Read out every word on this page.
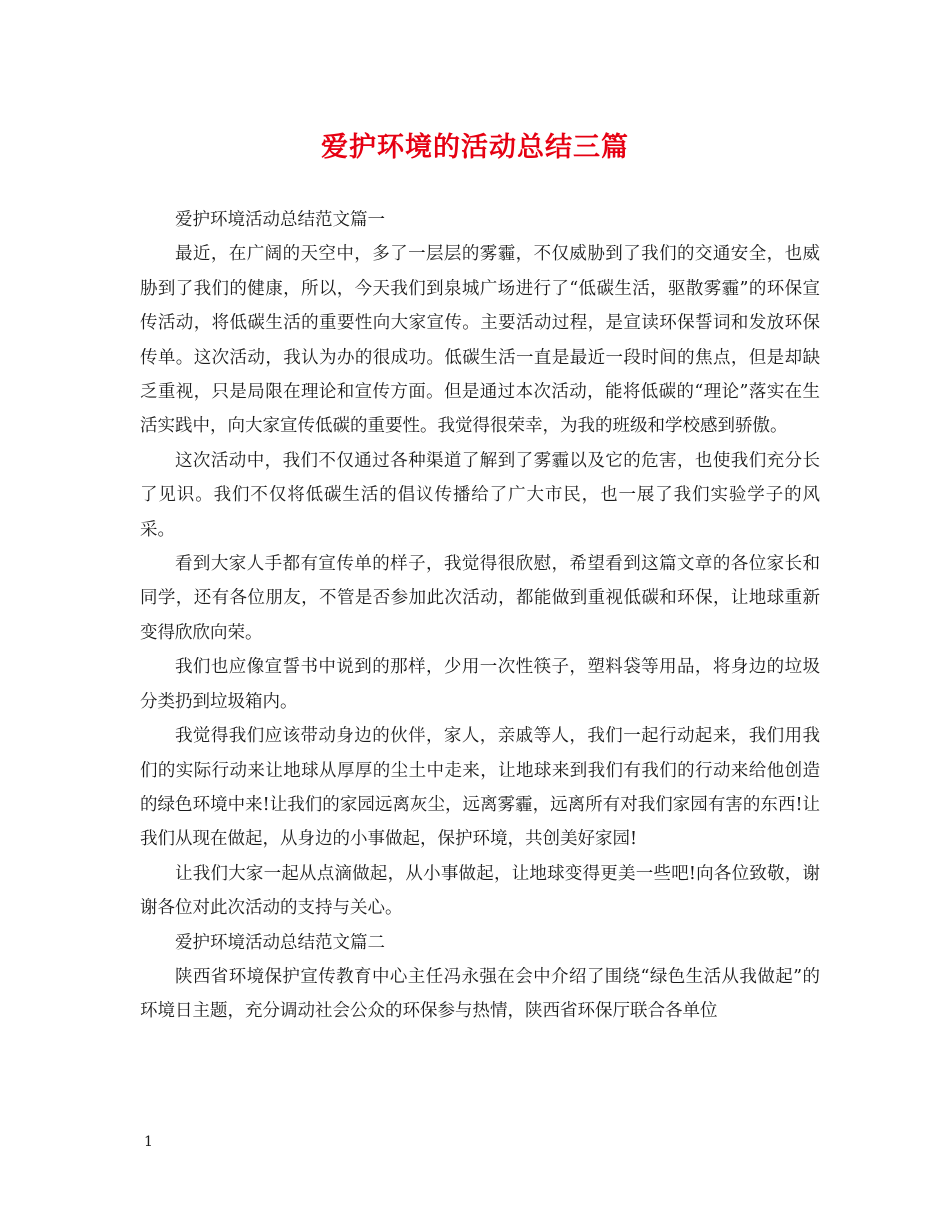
爱护环境的活动总结三篇

爱护环境活动总结范文篇一

最近，在广阔的天空中，多了一层层的雾霾，不仅威胁到了我们的交通安全，也威胁到了我们的健康，所以，今天我们到泉城广场进行了“低碳生活，驱散雾霾”的环保宣传活动，将低碳生活的重要性向大家宣传。主要活动过程，是宣读环保誓词和发放环保传单。这次活动，我认为办的很成功。低碳生活一直是最近一段时间的焦点，但是却缺乏重视，只是局限在理论和宣传方面。但是通过本次活动，能将低碳的“理论”落实在生活实践中，向大家宣传低碳的重要性。我觉得很荣幸，为我的班级和学校感到骄傲。

这次活动中，我们不仅通过各种渠道了解到了雾霾以及它的危害，也使我们充分长了见识。我们不仅将低碳生活的倡议传播给了广大市民，也一展了我们实验学子的风采。

看到大家人手都有宣传单的样子，我觉得很欣慰，希望看到这篇文章的各位家长和同学，还有各位朋友，不管是否参加此次活动，都能做到重视低碳和环保，让地球重新变得欣欣向荣。

我们也应像宣誓书中说到的那样，少用一次性筷子，塑料袋等用品，将身边的垃圾分类扔到垃圾箱内。

我觉得我们应该带动身边的伙伴，家人，亲戚等人，我们一起行动起来，我们用我们的实际行动来让地球从厚厚的尘土中走来，让地球来到我们有我们的行动来给他创造的绿色环境中来!让我们的家园远离灰尘，远离雾霾，远离所有对我们家园有害的东西!让我们从现在做起，从身边的小事做起，保护环境，共创美好家园!

让我们大家一起从点滴做起，从小事做起，让地球变得更美一些吧!向各位致敬，谢谢各位对此次活动的支持与关心。

爱护环境活动总结范文篇二

陕西省环境保护宣传教育中心主任冯永强在会中介绍了围绕“绿色生活从我做起”的环境日主题，充分调动社会公众的环保参与热情，陕西省环保厅联合各单位

1
